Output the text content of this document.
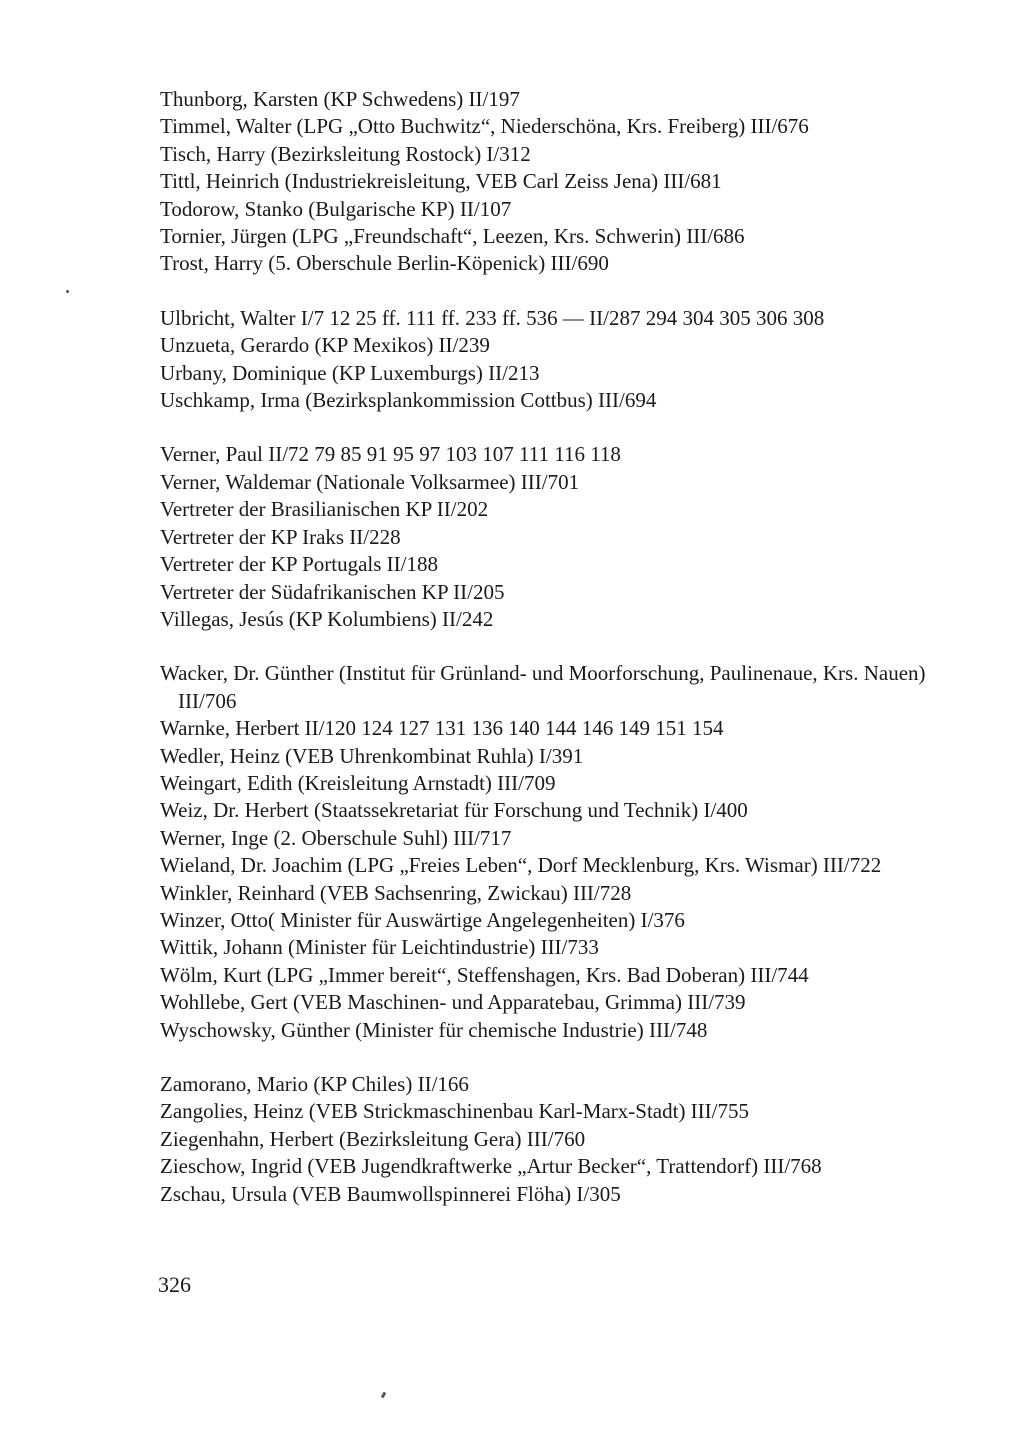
Thunborg, Karsten (KP Schwedens) II/197
Timmel, Walter (LPG „Otto Buchwitz“, Niederschöna, Krs. Freiberg) III/676
Tisch, Harry (Bezirksleitung Rostock) I/312
Tittl, Heinrich (Industriekreisleitung, VEB Carl Zeiss Jena) III/681
Todorow, Stanko (Bulgarische KP) II/107
Tornier, Jürgen (LPG „Freundschaft“, Leezen, Krs. Schwerin) III/686
Trost, Harry (5. Oberschule Berlin-Köpenick) III/690
Ulbricht, Walter I/7 12 25 ff. 111 ff. 233 ff. 536 — II/287 294 304 305 306 308
Unzueta, Gerardo (KP Mexikos) II/239
Urbany, Dominique (KP Luxemburgs) II/213
Uschkamp, Irma (Bezirksplankommission Cottbus) III/694
Verner, Paul II/72 79 85 91 95 97 103 107 111 116 118
Verner, Waldemar (Nationale Volksarmee) III/701
Vertreter der Brasilianischen KP II/202
Vertreter der KP Iraks II/228
Vertreter der KP Portugals II/188
Vertreter der Südafrikanischen KP II/205
Villegas, Jesús (KP Kolumbiens) II/242
Wacker, Dr. Günther (Institut für Grünland- und Moorforschung, Paulinenaue, Krs. Nauen) III/706
Warnke, Herbert II/120 124 127 131 136 140 144 146 149 151 154
Wedler, Heinz (VEB Uhrenkombinat Ruhla) I/391
Weingart, Edith (Kreisleitung Arnstadt) III/709
Weiz, Dr. Herbert (Staatssekretariat für Forschung und Technik) I/400
Werner, Inge (2. Oberschule Suhl) III/717
Wieland, Dr. Joachim (LPG „Freies Leben“, Dorf Mecklenburg, Krs. Wismar) III/722
Winkler, Reinhard (VEB Sachsenring, Zwickau) III/728
Winzer, Otto( Minister für Auswärtige Angelegenheiten) I/376
Wittik, Johann (Minister für Leichtindustrie) III/733
Wölm, Kurt (LPG „Immer bereit“, Steffenshagen, Krs. Bad Doberan) III/744
Wohllebe, Gert (VEB Maschinen- und Apparatebau, Grimma) III/739
Wyschowsky, Günther (Minister für chemische Industrie) III/748
Zamorano, Mario (KP Chiles) II/166
Zangolies, Heinz (VEB Strickmaschinenbau Karl-Marx-Stadt) III/755
Ziegenhahn, Herbert (Bezirksleitung Gera) III/760
Zieschow, Ingrid (VEB Jugendkraftwerke „Artur Becker“, Trattendorf) III/768
Zschau, Ursula (VEB Baumwollspinnerei Flöha) I/305
326
